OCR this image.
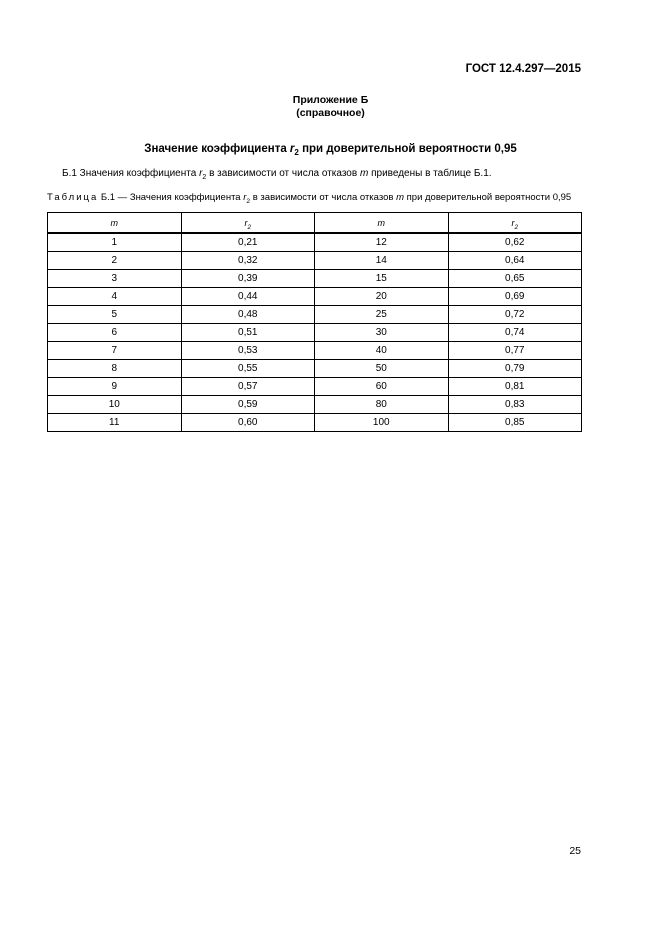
ГОСТ 12.4.297—2015
Приложение Б
(справочное)
Значение коэффициента $r_2$ при доверительной вероятности 0,95
Б.1 Значения коэффициента $r_2$ в зависимости от числа отказов m приведены в таблице Б.1.
Таблица Б.1 — Значения коэффициента $r_2$ в зависимости от числа отказов m при доверительной вероятности 0,95
m	$r_2$	m	$r_2$
1	0,21	12	0,62
2	0,32	14	0,64
3	0,39	15	0,65
4	0,44	20	0,69
5	0,48	25	0,72
6	0,51	30	0,74
7	0,53	40	0,77
8	0,55	50	0,79
9	0,57	60	0,81
10	0,59	80	0,83
11	0,60	100	0,85
25
